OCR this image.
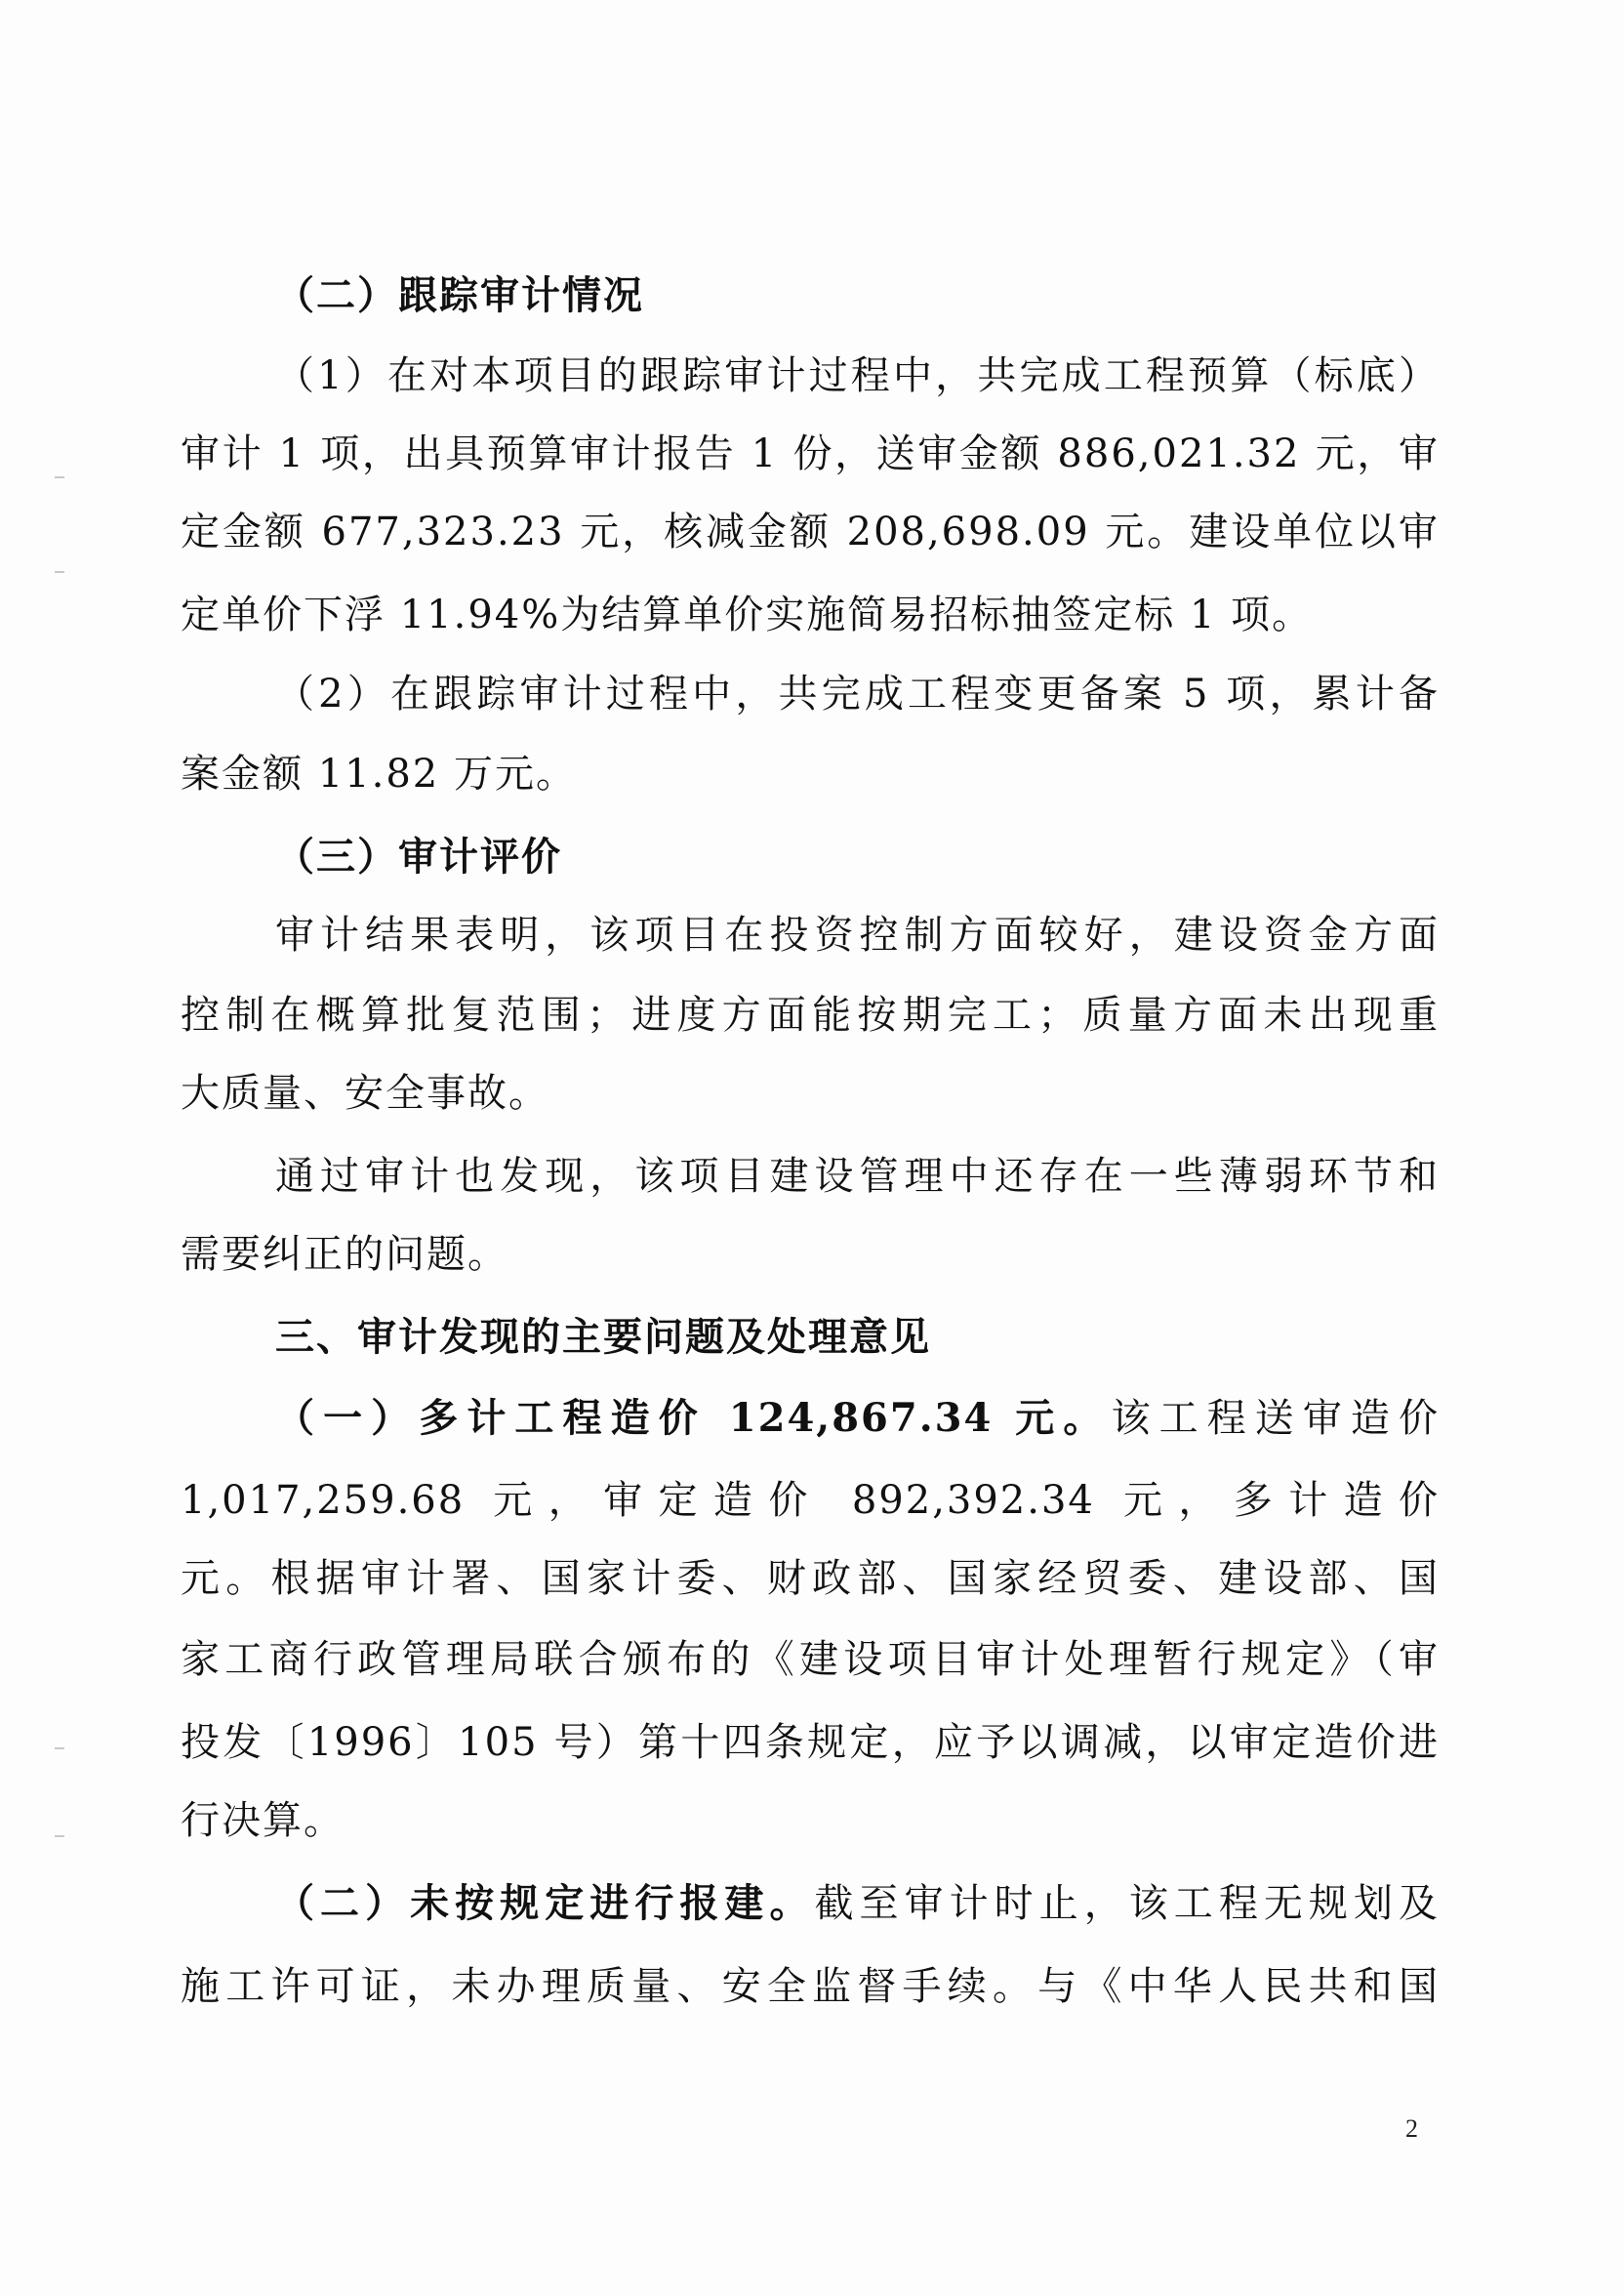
（二）跟踪审计情况
（1）在对本项目的跟踪审计过程中，共完成工程预算（标底）
审计 1 项，出具预算审计报告 1 份，送审金额 886,021.32 元，审
定金额 677,323.23 元，核减金额 208,698.09 元。建设单位以审
定单价下浮 11.94%为结算单价实施简易招标抽签定标 1 项。
（2）在跟踪审计过程中，共完成工程变更备案 5 项，累计备
案金额 11.82 万元。
（三）审计评价
审计结果表明，该项目在投资控制方面较好，建设资金方面
控制在概算批复范围；进度方面能按期完工；质量方面未出现重
大质量、安全事故。
通过审计也发现，该项目建设管理中还存在一些薄弱环节和
需要纠正的问题。
三、审计发现的主要问题及处理意见
（一）多计工程造价 124,867.34 元。该工程送审造价
1,017,259.68 元，审定造价 892,392.34 元，多计造价
元。根据审计署、国家计委、财政部、国家经贸委、建设部、国
家工商行政管理局联合颁布的《建设项目审计处理暂行规定》（审
投发〔1996〕105 号）第十四条规定，应予以调减，以审定造价进
行决算。
（二）未按规定进行报建。截至审计时止，该工程无规划及
施工许可证，未办理质量、安全监督手续。与《中华人民共和国
2
